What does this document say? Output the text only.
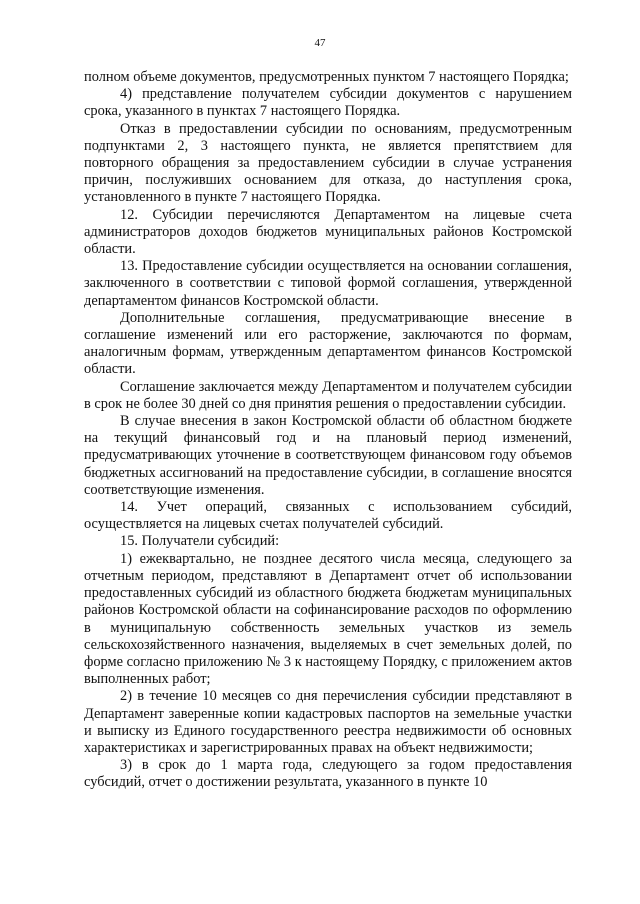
47

полном объеме документов, предусмотренных пунктом 7 настоящего Порядка;

4) представление получателем субсидии документов с нарушением срока, указанного в пунктах 7 настоящего Порядка.

Отказ в предоставлении субсидии по основаниям, предусмотренным подпунктами 2, 3 настоящего пункта, не является препятствием для повторного обращения за предоставлением субсидии в случае устранения причин, послуживших основанием для отказа, до наступления срока, установленного в пункте 7 настоящего Порядка.

12. Субсидии перечисляются Департаментом на лицевые счета администраторов доходов бюджетов муниципальных районов Костромской области.

13. Предоставление субсидии осуществляется на основании соглашения, заключенного в соответствии с типовой формой соглашения, утвержденной департаментом финансов Костромской области.

Дополнительные соглашения, предусматривающие внесение в соглашение изменений или его расторжение, заключаются по формам, аналогичным формам, утвержденным департаментом финансов Костромской области.

Соглашение заключается между Департаментом и получателем субсидии в срок не более 30 дней со дня принятия решения о предоставлении субсидии.

В случае внесения в закон Костромской области об областном бюджете на текущий финансовый год и на плановый период изменений, предусматривающих уточнение в соответствующем финансовом году объемов бюджетных ассигнований на предоставление субсидии, в соглашение вносятся соответствующие изменения.

14. Учет операций, связанных с использованием субсидий, осуществляется на лицевых счетах получателей субсидий.

15. Получатели субсидий:

1) ежеквартально, не позднее десятого числа месяца, следующего за отчетным периодом, представляют в Департамент отчет об использовании предоставленных субсидий из областного бюджета бюджетам муниципальных районов Костромской области на софинансирование расходов по оформлению в муниципальную собственность земельных участков из земель сельскохозяйственного назначения, выделяемых в счет земельных долей, по форме согласно приложению № 3 к настоящему Порядку, с приложением актов выполненных работ;

2) в течение 10 месяцев со дня перечисления субсидии представляют в Департамент заверенные копии кадастровых паспортов на земельные участки и выписку из Единого государственного реестра недвижимости об основных характеристиках и зарегистрированных правах на объект недвижимости;

3) в срок до 1 марта года, следующего за годом предоставления субсидий, отчет о достижении результата, указанного в пункте 10
